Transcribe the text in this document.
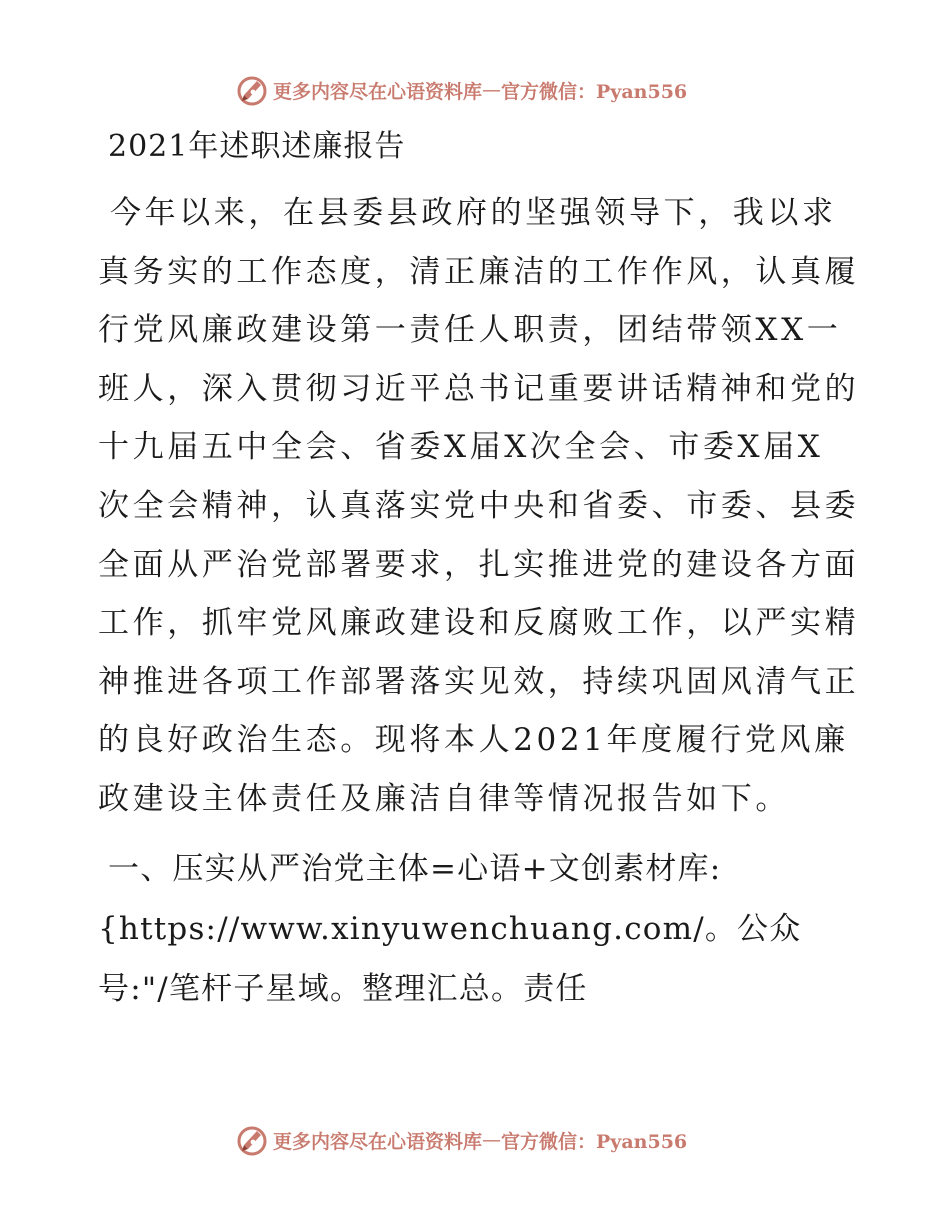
更多内容尽在心语资料库 — 官方微信：Pyan556
2021年述职述廉报告

今年以来，在县委县政府的坚强领导下，我以求
真务实的工作态度，清正廉洁的工作作风，认真履
行党风廉政建设第一责任人职责，团结带领XX一
班人，深入贯彻习近平总书记重要讲话精神和党的
十九届五中全会、省委X届X次全会、市委X届X
次全会精神，认真落实党中央和省委、市委、县委
全面从严治党部署要求，扎实推进党的建设各方面
工作，抓牢党风廉政建设和反腐败工作，以严实精
神推进各项工作部署落实见效，持续巩固风清气正
的良好政治生态。现将本人2021年度履行党风廉
政建设主体责任及廉洁自律等情况报告如下。

一、压实从严治党主体=心语+文创素材库:
{https://www.xinyuwenchuang.com/。公众
号:"/笔杆子星域。整理汇总。责任
更多内容尽在心语资料库 — 官方微信：Pyan556
